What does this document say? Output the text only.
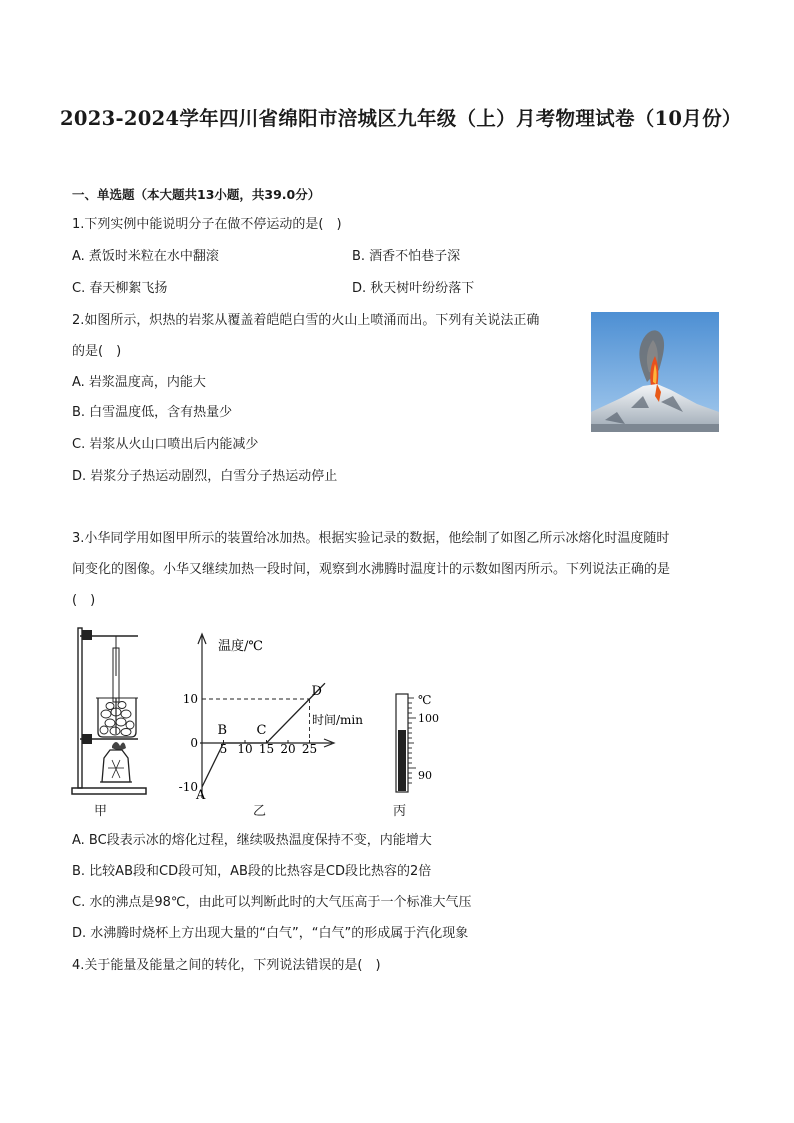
2023-2024学年四川省绵阳市涪城区九年级（上）月考物理试卷（10月份）
一、单选题（本大题共13小题，共39.0分）
1.下列实例中能说明分子在做不停运动的是(　)
A. 煮饭时米粒在水中翻滚	B. 酒香不怕巷子深
C. 春天柳絮飞扬	D. 秋天树叶纷纷落下
2.如图所示，炽热的岩浆从覆盖着皑皑白雪的火山上喷涌而出。下列有关说法正确
的是(　)
A. 岩浆温度高，内能大
B. 白雪温度低，含有热量少
C. 岩浆从火山口喷出后内能减少
D. 岩浆分子热运动剧烈，白雪分子热运动停止
3.小华同学用如图甲所示的装置给冰加热。根据实验记录的数据，他绘制了如图乙所示冰熔化时温度随时
间变化的图像。小华又继续加热一段时间，观察到水沸腾时温度计的示数如图丙所示。下列说法正确的是
(　)
甲
温度/℃
时间/min
5 10 15 20 25
10
0
-10
A
B C
D
乙
℃
100
90
丙
A. BC段表示冰的熔化过程，继续吸热温度保持不变，内能增大
B. 比较AB段和CD段可知，AB段的比热容是CD段比热容的2倍
C. 水的沸点是98℃，由此可以判断此时的大气压高于一个标准大气压
D. 水沸腾时烧杯上方出现大量的“白气”，“白气”的形成属于汽化现象
4.关于能量及能量之间的转化，下列说法错误的是(　)
